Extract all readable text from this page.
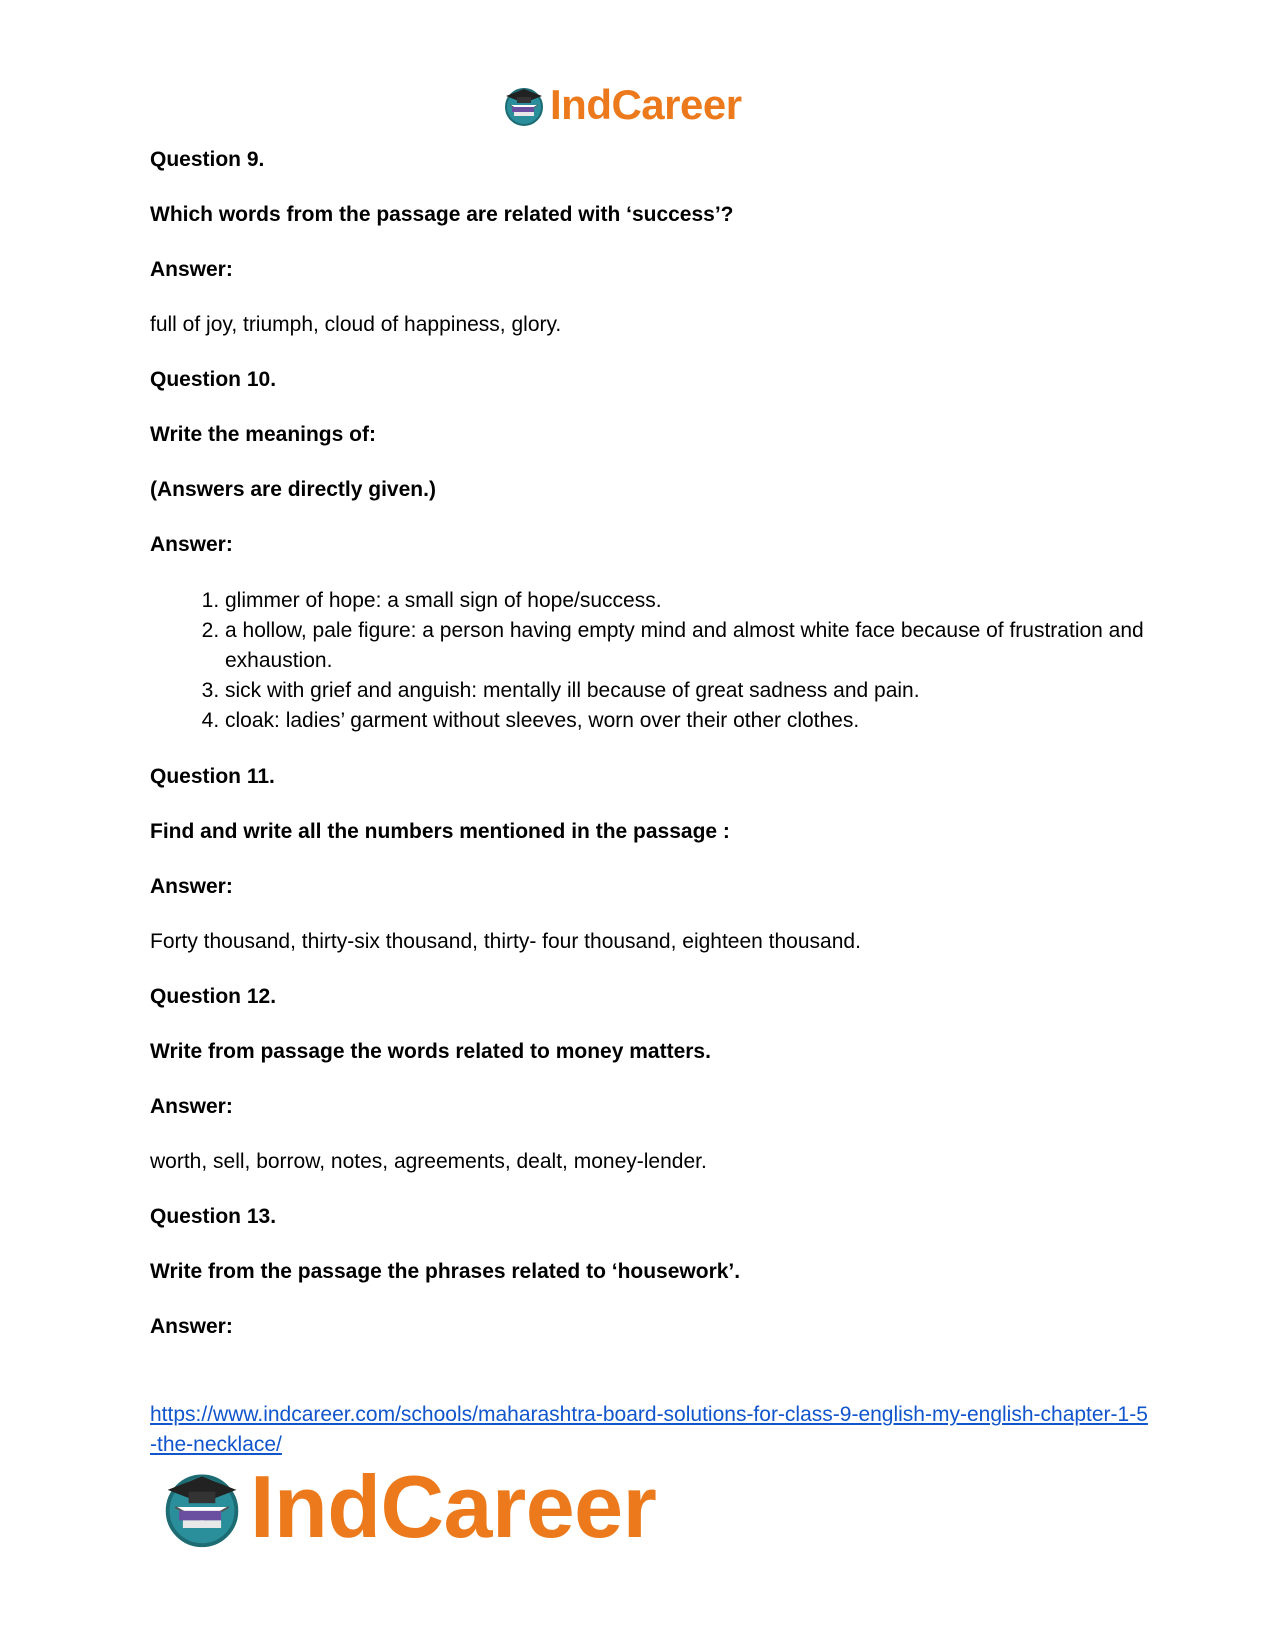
IndCareer
Question 9.
Which words from the passage are related with ‘success’?
Answer:
full of joy, triumph, cloud of happiness, glory.
Question 10.
Write the meanings of:
(Answers are directly given.)
Answer:
1. glimmer of hope: a small sign of hope/success.
2. a hollow, pale figure: a person having empty mind and almost white face because of frustration and exhaustion.
3. sick with grief and anguish: mentally ill because of great sadness and pain.
4. cloak: ladies’ garment without sleeves, worn over their other clothes.
Question 11.
Find and write all the numbers mentioned in the passage :
Answer:
Forty thousand, thirty-six thousand, thirty- four thousand, eighteen thousand.
Question 12.
Write from passage the words related to money matters.
Answer:
worth, sell, borrow, notes, agreements, dealt, money-lender.
Question 13.
Write from the passage the phrases related to ‘housework’.
Answer:
https://www.indcareer.com/schools/maharashtra-board-solutions-for-class-9-english-my-english-chapter-1-5-the-necklace/
IndCareer
